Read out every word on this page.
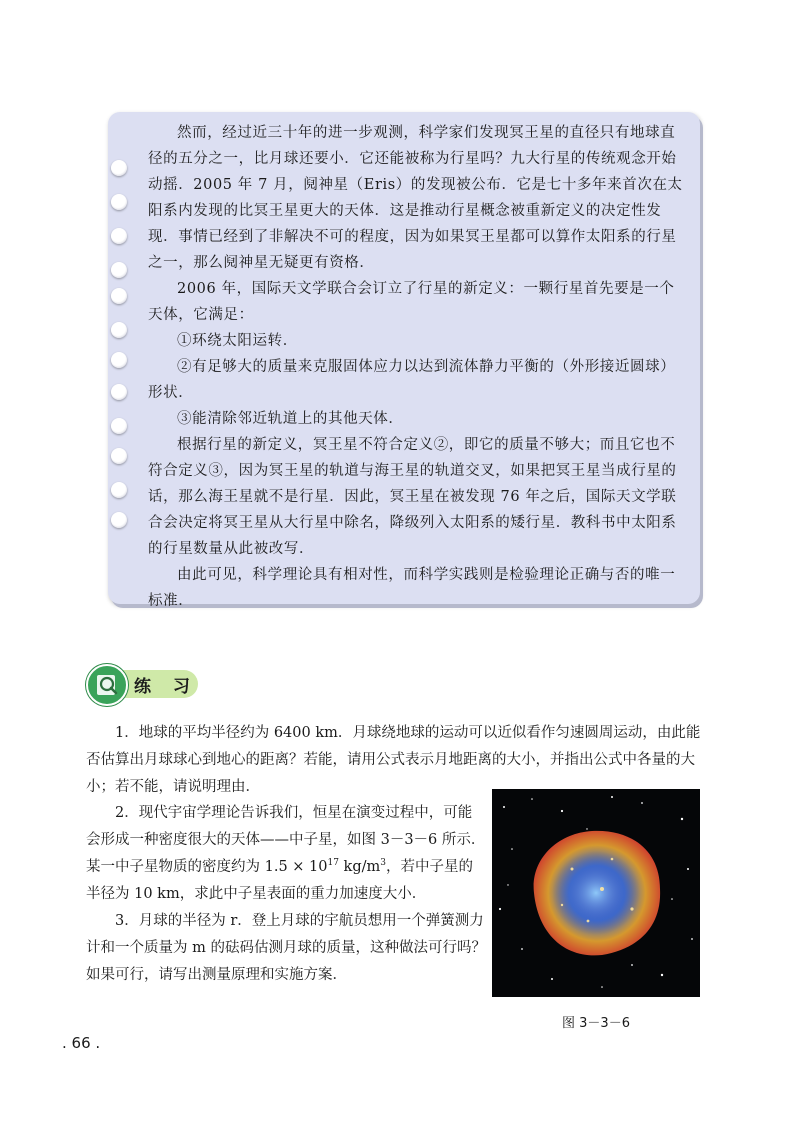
然而，经过近三十年的进一步观测，科学家们发现冥王星的直径只有地球直径的五分之一，比月球还要小．它还能被称为行星吗？九大行星的传统观念开始动摇．2005 年 7 月，阋神星（Eris）的发现被公布．它是七十多年来首次在太阳系内发现的比冥王星更大的天体．这是推动行星概念被重新定义的决定性发现．事情已经到了非解决不可的程度，因为如果冥王星都可以算作太阳系的行星之一，那么阋神星无疑更有资格．

2006 年，国际天文学联合会订立了行星的新定义：一颗行星首先要是一个天体，它满足：

①环绕太阳运转．

②有足够大的质量来克服固体应力以达到流体静力平衡的（外形接近圆球）形状．

③能清除邻近轨道上的其他天体．

根据行星的新定义，冥王星不符合定义②，即它的质量不够大；而且它也不符合定义③，因为冥王星的轨道与海王星的轨道交叉，如果把冥王星当成行星的话，那么海王星就不是行星．因此，冥王星在被发现 76 年之后，国际天文学联合会决定将冥王星从大行星中除名，降级列入太阳系的矮行星．教科书中太阳系的行星数量从此被改写．

由此可见，科学理论具有相对性，而科学实践则是检验理论正确与否的唯一标准．

练 习

1．地球的平均半径约为 6400 km．月球绕地球的运动可以近似看作匀速圆周运动，由此能否估算出月球球心到地心的距离？若能，请用公式表示月地距离的大小，并指出公式中各量的大小；若不能，请说明理由．

2．现代宇宙学理论告诉我们，恒星在演变过程中，可能会形成一种密度很大的天体——中子星，如图 3－3－6 所示．某一中子星物质的密度约为 $1.5 \times 10^{17}$ $kg/m^3$，若中子星的半径为 10 km，求此中子星表面的重力加速度大小．

3．月球的半径为 r．登上月球的宇航员想用一个弹簧测力计和一个质量为 m 的砝码估测月球的质量，这种做法可行吗？如果可行，请写出测量原理和实施方案．

图 3－3－6
. 66 .
